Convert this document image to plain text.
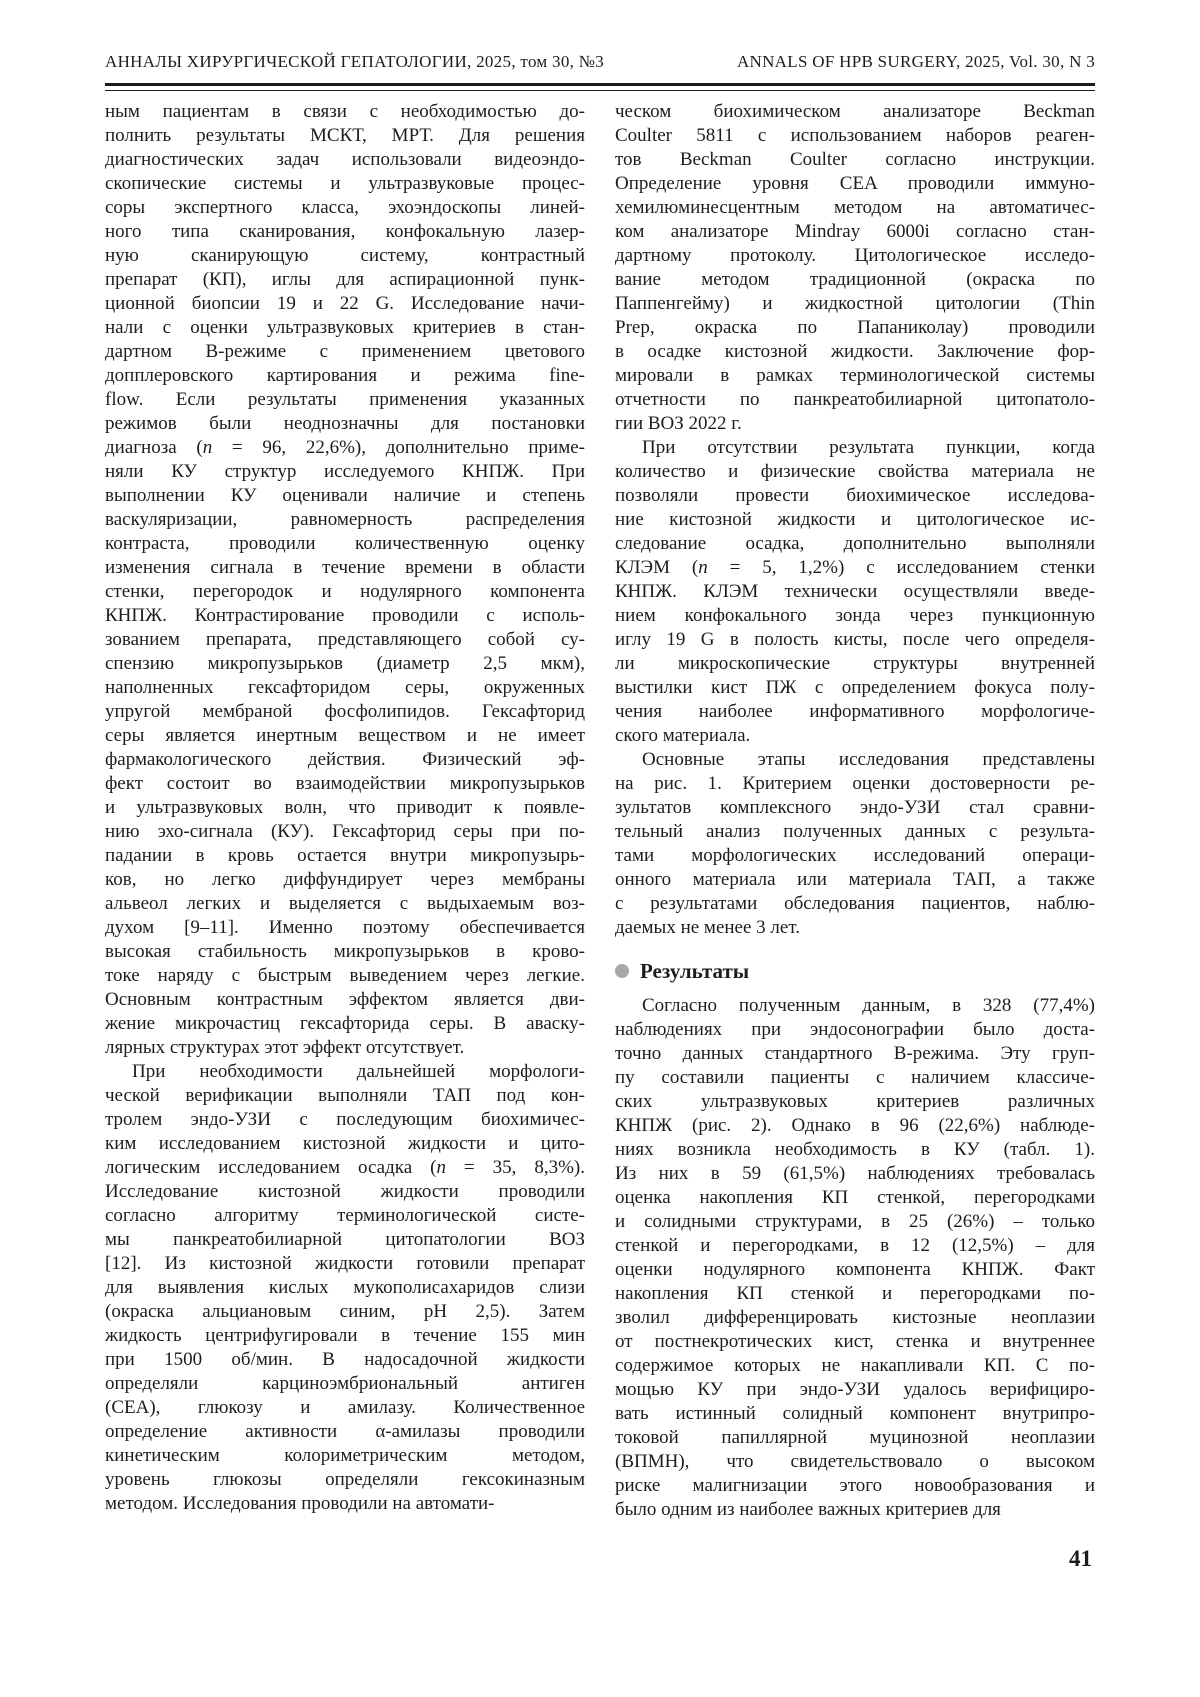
АННАЛЫ ХИРУРГИЧЕСКОЙ ГЕПАТОЛОГИИ, 2025, том 30, №3	ANNALS OF HPB SURGERY, 2025, Vol. 30, N 3
ным пациентам в связи с необходимостью до-
полнить результаты МСКТ, МРТ. Для решения
диагностических задач использовали видеоэндо-
скопические системы и ультразвуковые процес-
соры экспертного класса, эхоэндоскопы линей-
ного типа сканирования, конфокальную лазер-
ную сканирующую систему, контрастный
препарат (КП), иглы для аспирационной пунк-
ционной биопсии 19 и 22 G. Исследование начи-
нали с оценки ультразвуковых критериев в стан-
дартном В-режиме с применением цветового
допплеровского картирования и режима fine-
flow. Если результаты применения указанных
режимов были неоднозначны для постановки
диагноза (n = 96, 22,6%), дополнительно приме-
няли КУ структур исследуемого КНПЖ. При
выполнении КУ оценивали наличие и степень
васкуляризации, равномерность распределения
контраста, проводили количественную оценку
изменения сигнала в течение времени в области
стенки, перегородок и нодулярного компонента
КНПЖ. Контрастирование проводили с исполь-
зованием препарата, представляющего собой су-
спензию микропузырьков (диаметр 2,5 мкм),
наполненных гексафторидом серы, окруженных
упругой мембраной фосфолипидов. Гексафторид
серы является инертным веществом и не имеет
фармакологического действия. Физический эф-
фект состоит во взаимодействии микропузырьков
и ультразвуковых волн, что приводит к появле-
нию эхо-сигнала (КУ). Гексафторид серы при по-
падании в кровь остается внутри микропузырь-
ков, но легко диффундирует через мембраны
альвеол легких и выделяется с выдыхаемым воз-
духом [9–11]. Именно поэтому обеспечивается
высокая стабильность микропузырьков в крово-
токе наряду с быстрым выведением через легкие.
Основным контрастным эффектом является дви-
жение микрочастиц гексафторида серы. В аваску-
лярных структурах этот эффект отсутствует.
При необходимости дальнейшей морфологи-
ческой верификации выполняли ТАП под кон-
тролем эндо-УЗИ с последующим биохимичес-
ким исследованием кистозной жидкости и цито-
логическим исследованием осадка (n = 35, 8,3%).
Исследование кистозной жидкости проводили
согласно алгоритму терминологической систе-
мы панкреатобилиарной цитопатологии ВОЗ
[12]. Из кистозной жидкости готовили препарат
для выявления кислых мукополисахаридов слизи
(окраска альциановым синим, pH 2,5). Затем
жидкость центрифугировали в течение 155 мин
при 1500 об/мин. В надосадочной жидкости
определяли карциноэмбриональный антиген
(CEA), глюкозу и амилазу. Количественное
определение активности α-амилазы проводили
кинетическим колориметрическим методом,
уровень глюкозы определяли гексокиназным
методом. Исследования проводили на автомати-
ческом биохимическом анализаторе Beckman
Coulter 5811 с использованием наборов реаген-
тов Beckman Coulter согласно инструкции.
Определение уровня CEA проводили иммуно-
хемилюминесцентным методом на автоматичес-
ком анализаторе Mindray 6000i согласно стан-
дартному протоколу. Цитологическое исследо-
вание методом традиционной (окраска по
Паппенгейму) и жидкостной цитологии (Thin
Prep, окраска по Папаниколау) проводили
в осадке кистозной жидкости. Заключение фор-
мировали в рамках терминологической системы
отчетности по панкреатобилиарной цитопатоло-
гии ВОЗ 2022 г.
При отсутствии результата пункции, когда
количество и физические свойства материала не
позволяли провести биохимическое исследова-
ние кистозной жидкости и цитологическое ис-
следование осадка, дополнительно выполняли
КЛЭМ (n = 5, 1,2%) с исследованием стенки
КНПЖ. КЛЭМ технически осуществляли введе-
нием конфокального зонда через пункционную
иглу 19 G в полость кисты, после чего определя-
ли микроскопические структуры внутренней
выстилки кист ПЖ с определением фокуса полу-
чения наиболее информативного морфологиче-
ского материала.
Основные этапы исследования представлены
на рис. 1. Критерием оценки достоверности ре-
зультатов комплексного эндо-УЗИ стал сравни-
тельный анализ полученных данных с результа-
тами морфологических исследований операци-
онного материала или материала ТАП, а также
с результатами обследования пациентов, наблю-
даемых не менее 3 лет.
Результаты
Согласно полученным данным, в 328 (77,4%)
наблюдениях при эндосонографии было доста-
точно данных стандартного В-режима. Эту груп-
пу составили пациенты с наличием классиче-
ских ультразвуковых критериев различных
КНПЖ (рис. 2). Однако в 96 (22,6%) наблюде-
ниях возникла необходимость в КУ (табл. 1).
Из них в 59 (61,5%) наблюдениях требовалась
оценка накопления КП стенкой, перегородками
и солидными структурами, в 25 (26%) – только
стенкой и перегородками, в 12 (12,5%) – для
оценки нодулярного компонента КНПЖ. Факт
накопления КП стенкой и перегородками по-
зволил дифференцировать кистозные неоплазии
от постнекротических кист, стенка и внутреннее
содержимое которых не накапливали КП. С по-
мощью КУ при эндо-УЗИ удалось верифициро-
вать истинный солидный компонент внутрипро-
токовой папиллярной муцинозной неоплазии
(ВПМН), что свидетельствовало о высоком
риске малигнизации этого новообразования и
было одним из наиболее важных критериев для
41
